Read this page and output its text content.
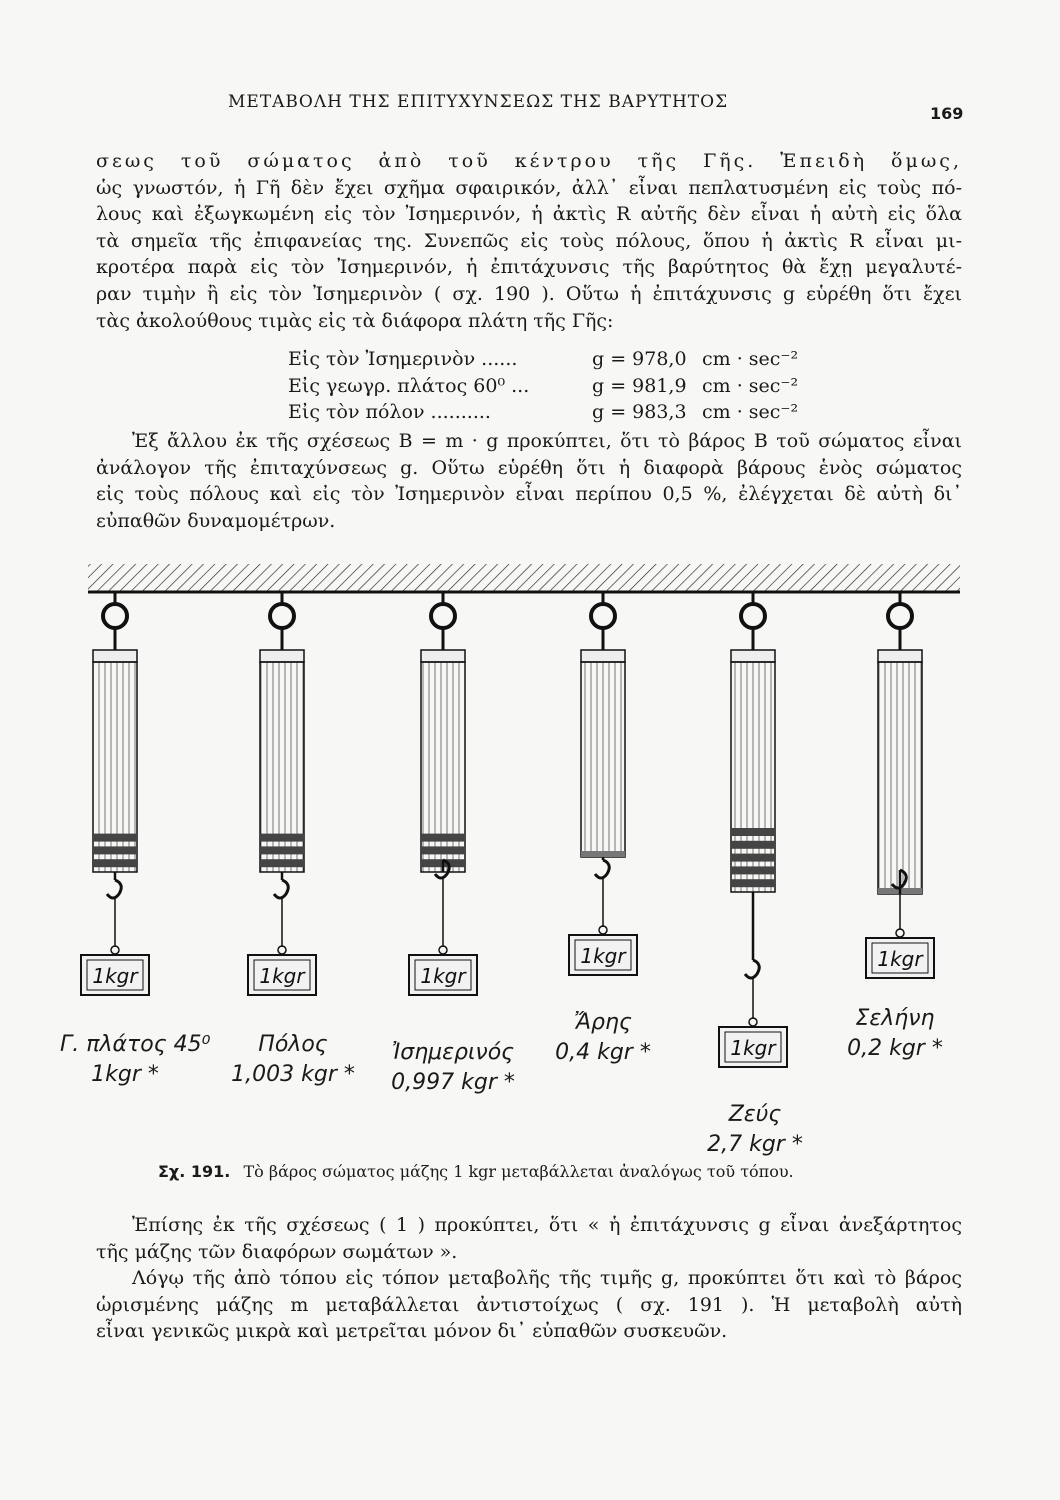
ΜΕΤΑΒΟΛΗ ΤΗΣ ΕΠΙΤΥΧΥΝΣΕΩΣ ΤΗΣ ΒΑΡΥΤΗΤΟΣ
169
σεως τοῦ σώματος ἀπὸ τοῦ κέντρου τῆς Γῆς. Ἐπειδὴ ὅμως,
ὡς γνωστόν, ἡ Γῆ δὲν ἔχει σχῆμα σφαιρικόν, ἀλλ᾽ εἶναι πεπλατυσμένη εἰς τοὺς πό-
λους καὶ ἐξωγκωμένη εἰς τὸν Ἰσημερινόν, ἡ ἀκτὶς R αὐτῆς δὲν εἶναι ἡ αὐτὴ εἰς ὅλα
τὰ σημεῖα τῆς ἐπιφανείας της. Συνεπῶς εἰς τοὺς πόλους, ὅπου ἡ ἀκτὶς R εἶναι μι-
κροτέρα παρὰ εἰς τὸν Ἰσημερινόν, ἡ ἐπιτάχυνσις τῆς βαρύτητος θὰ ἔχῃ μεγαλυτέ-
ραν τιμὴν ἢ εἰς τὸν Ἰσημερινὸν ( σχ. 190 ). Οὕτω ἡ ἐπιτάχυνσις g εὑρέθη ὅτι ἔχει
τὰς ἀκολούθους τιμὰς εἰς τὰ διάφορα πλάτη τῆς Γῆς:
Εἰς τὸν Ἰσημερινὸν ......	g = 978,0 cm · sec⁻²
Εἰς γεωγρ. πλάτος 60⁰ ...	g = 981,9 cm · sec⁻²
Εἰς τὸν πόλον ..........	g = 983,3 cm · sec⁻²
Ἐξ ἄλλου ἐκ τῆς σχέσεως B = m · g προκύπτει, ὅτι τὸ βάρος B τοῦ σώματος εἶναι
ἀνάλογον τῆς ἐπιταχύνσεως g. Οὕτω εὑρέθη ὅτι ἡ διαφορὰ βάρους ἑνὸς σώματος
εἰς τοὺς πόλους καὶ εἰς τὸν Ἰσημερινὸν εἶναι περίπου 0,5 %, ἐλέγχεται δὲ αὐτὴ δι᾽
εὐπαθῶν δυναμομέτρων.
1kgr	1kgr	1kgr
1kgr
1kgr
1kgr
Γ. πλάτος 45⁰
1kgr *
Πόλος
1,003 kgr *
Ἰσημερινός
0,997 kgr *
Ἄρης
0,4 kgr *
Ζεύς
2,7 kgr *
Σελήνη
0,2 kgr *
Σχ. 191. Τὸ βάρος σώματος μάζης 1 kgr μεταβάλλεται ἀναλόγως τοῦ τόπου.
Ἐπίσης ἐκ τῆς σχέσεως ( 1 ) προκύπτει, ὅτι « ἡ ἐπιτάχυνσις g εἶναι ἀνεξάρτητος
τῆς μάζης τῶν διαφόρων σωμάτων ».
Λόγῳ τῆς ἀπὸ τόπου εἰς τόπον μεταβολῆς τῆς τιμῆς g, προκύπτει ὅτι καὶ τὸ βάρος
ὡρισμένης μάζης m μεταβάλλεται ἀντιστοίχως ( σχ. 191 ). Ἡ μεταβολὴ αὐτὴ
εἶναι γενικῶς μικρὰ καὶ μετρεῖται μόνον δι᾽ εὐπαθῶν συσκευῶν.
